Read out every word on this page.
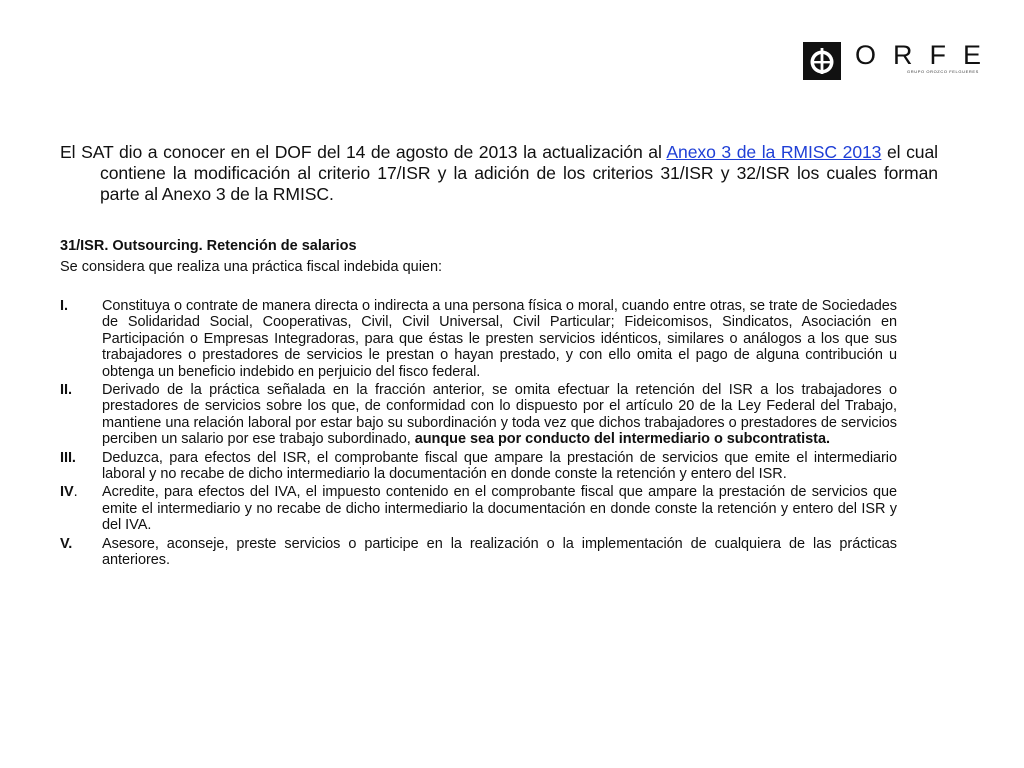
ORFE
GRUPO OROZCO FELGUERES

El SAT dio a conocer en el DOF del 14 de agosto de 2013 la actualización al Anexo 3 de la RMISC 2013 el cual contiene la modificación al criterio 17/ISR y la adición de los criterios 31/ISR y 32/ISR los cuales forman parte al Anexo 3 de la RMISC.

31/ISR. Outsourcing. Retención de salarios
Se considera que realiza una práctica fiscal indebida quien:
I. Constituya o contrate de manera directa o indirecta a una persona física o moral, cuando entre otras, se trate de Sociedades de Solidaridad Social, Cooperativas, Civil, Civil Universal, Civil Particular; Fideicomisos, Sindicatos, Asociación en Participación o Empresas Integradoras, para que éstas le presten servicios idénticos, similares o análogos a los que sus trabajadores o prestadores de servicios le prestan o hayan prestado, y con ello omita el pago de alguna contribución u obtenga un beneficio indebido en perjuicio del fisco federal.
II. Derivado de la práctica señalada en la fracción anterior, se omita efectuar la retención del ISR a los trabajadores o prestadores de servicios sobre los que, de conformidad con lo dispuesto por el artículo 20 de la Ley Federal del Trabajo, mantiene una relación laboral por estar bajo su subordinación y toda vez que dichos trabajadores o prestadores de servicios perciben un salario por ese trabajo subordinado, aunque sea por conducto del intermediario o subcontratista.
III. Deduzca, para efectos del ISR, el comprobante fiscal que ampare la prestación de servicios que emite el intermediario laboral y no recabe de dicho intermediario la documentación en donde conste la retención y entero del ISR.
IV. Acredite, para efectos del IVA, el impuesto contenido en el comprobante fiscal que ampare la prestación de servicios que emite el intermediario y no recabe de dicho intermediario la documentación en donde conste la retención y entero del ISR y del IVA.
V. Asesore, aconseje, preste servicios o participe en la realización o la implementación de cualquiera de las prácticas anteriores.
